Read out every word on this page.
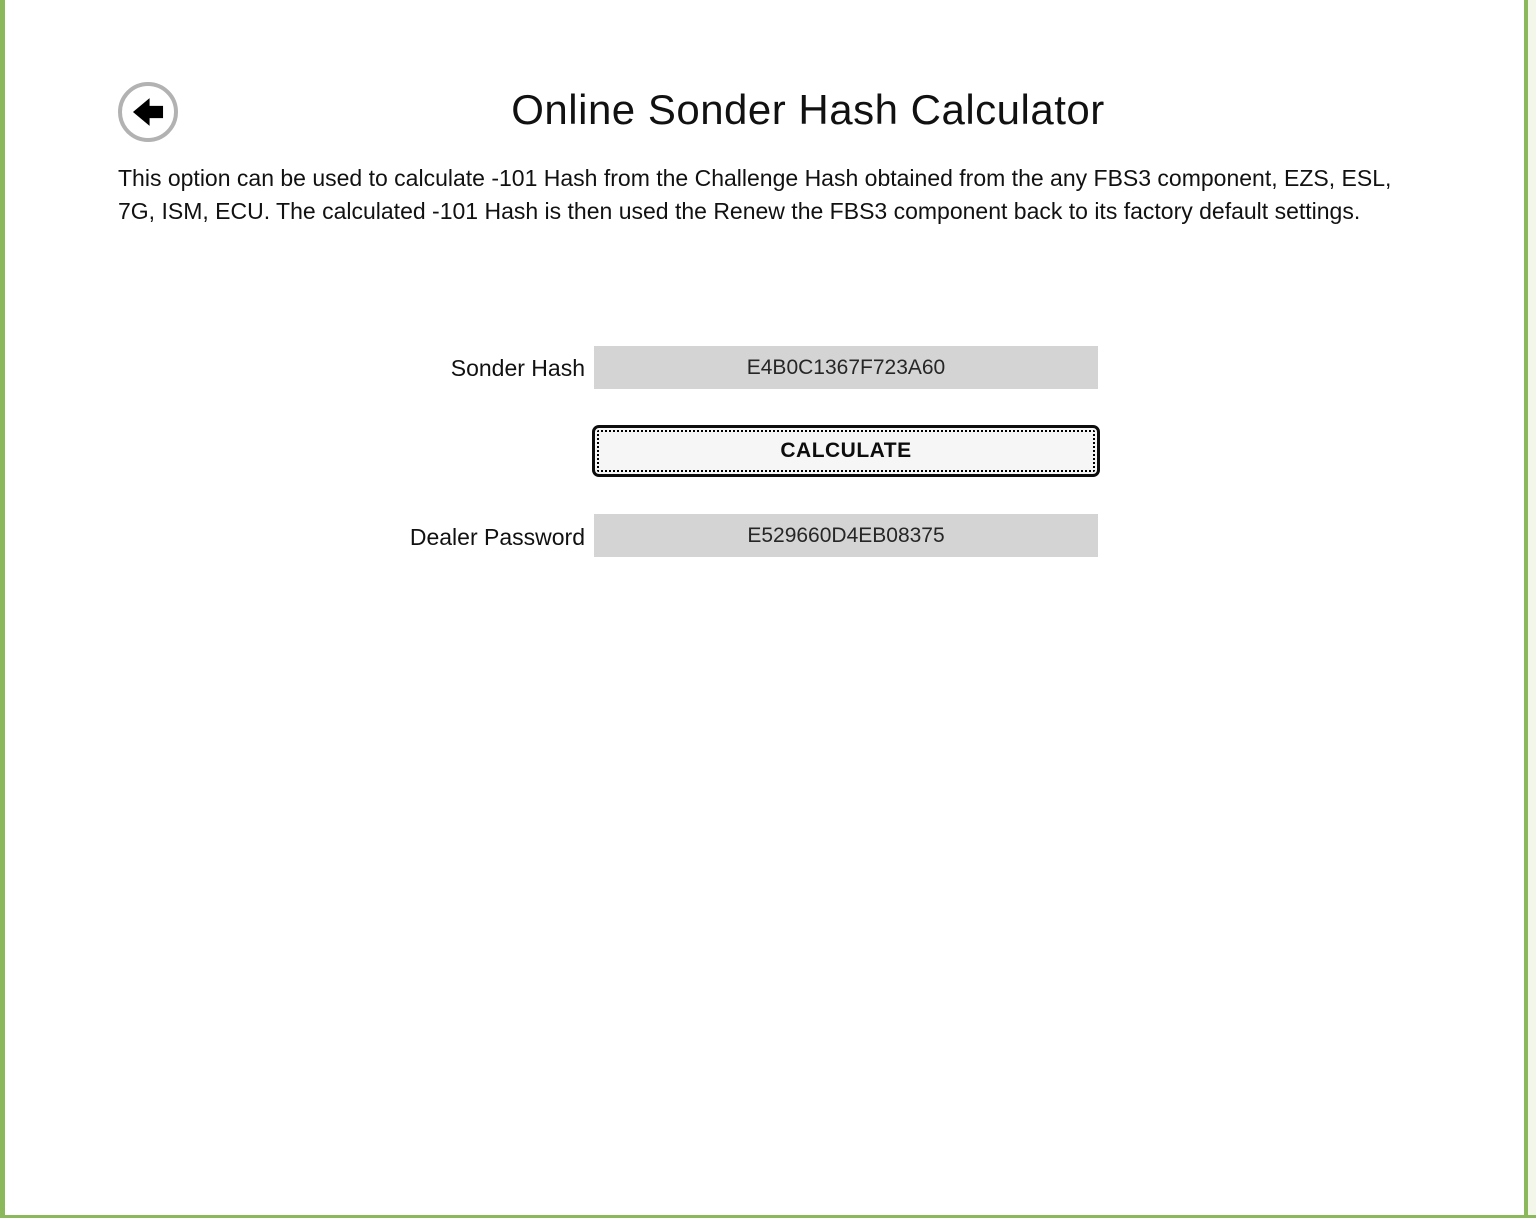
Online Sonder Hash Calculator
This option can be used to calculate -101 Hash from the Challenge Hash obtained from the any FBS3 component, EZS, ESL, 7G, ISM, ECU. The calculated -101 Hash is then used the Renew the FBS3 component back to its factory default settings.
Sonder Hash
E4B0C1367F723A60
CALCULATE
Dealer Password
E529660D4EB08375
